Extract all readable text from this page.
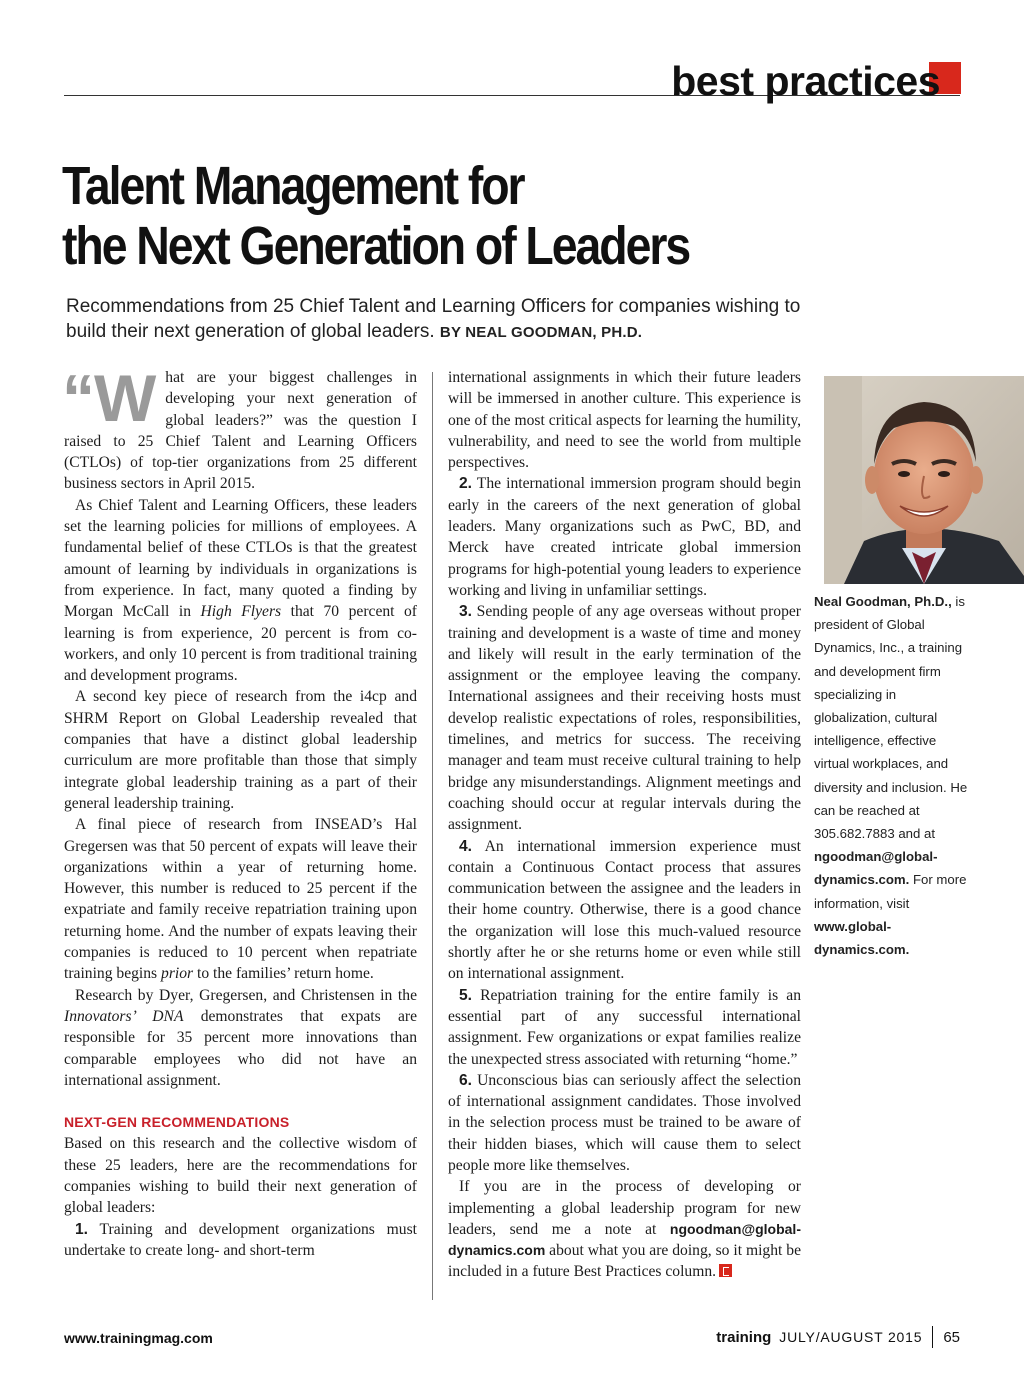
best practices
Talent Management for
the Next Generation of Leaders
Recommendations from 25 Chief Talent and Learning Officers for companies wishing to build their next generation of global leaders. BY NEAL GOODMAN, PH.D.

“What are your biggest challenges in developing your next generation of global leaders?” was the question I raised to 25 Chief Talent and Learning Officers (CTLOs) of top-tier organizations from 25 different business sectors in April 2015.

As Chief Talent and Learning Officers, these leaders set the learning policies for millions of employees. A fundamental belief of these CTLOs is that the greatest amount of learning by individuals in organizations is from experience. In fact, many quoted a finding by Morgan McCall in High Flyers that 70 percent of learning is from experience, 20 percent is from co-workers, and only 10 percent is from traditional training and development programs.

A second key piece of research from the i4cp and SHRM Report on Global Leadership revealed that companies that have a distinct global leadership curriculum are more profitable than those that simply integrate global leadership training as a part of their general leadership training.

A final piece of research from INSEAD’s Hal Gregersen was that 50 percent of expats will leave their organizations within a year of returning home. However, this number is reduced to 25 percent if the expatriate and family receive repatriation training upon returning home. And the number of expats leaving their companies is reduced to 10 percent when repatriate training begins prior to the families’ return home.

Research by Dyer, Gregersen, and Christensen in the Innovators’ DNA demonstrates that expats are responsible for 35 percent more innovations than comparable employees who did not have an international assignment.

NEXT-GEN RECOMMENDATIONS

Based on this research and the collective wisdom of these 25 leaders, here are the recommendations for companies wishing to build their next generation of global leaders:

1. Training and development organizations must undertake to create long- and short-term

international assignments in which their future leaders will be immersed in another culture. This experience is one of the most critical aspects for learning the humility, vulnerability, and need to see the world from multiple perspectives.

2. The international immersion program should begin early in the careers of the next generation of global leaders. Many organizations such as PwC, BD, and Merck have created intricate global immersion programs for high-potential young leaders to experience working and living in unfamiliar settings.

3. Sending people of any age overseas without proper training and development is a waste of time and money and likely will result in the early termination of the assignment or the employee leaving the company. International assignees and their receiving hosts must develop realistic expectations of roles, responsibilities, timelines, and metrics for success. The receiving manager and team must receive cultural training to help bridge any misunderstandings. Alignment meetings and coaching should occur at regular intervals during the assignment.

4. An international immersion experience must contain a Continuous Contact process that assures communication between the assignee and the leaders in their home country. Otherwise, there is a good chance the organization will lose this much-valued resource shortly after he or she returns home or even while still on international assignment.

5. Repatriation training for the entire family is an essential part of any successful international assignment. Few organizations or expat families realize the unexpected stress associated with returning “home.”

6. Unconscious bias can seriously affect the selection of international assignment candidates. Those involved in the selection process must be trained to be aware of their hidden biases, which will cause them to select people more like themselves.

If you are in the process of developing or implementing a global leadership program for new leaders, send me a note at ngoodman@global-dynamics.com about what you are doing, so it might be included in a future Best Practices column.

Neal Goodman, Ph.D., is president of Global Dynamics, Inc., a training and development firm specializing in globalization, cultural intelligence, effective virtual workplaces, and diversity and inclusion. He can be reached at 305.682.7883 and at ngoodman@global-dynamics.com. For more information, visit www.global-dynamics.com.
www.trainingmag.com	training JULY/AUGUST 2015 65
